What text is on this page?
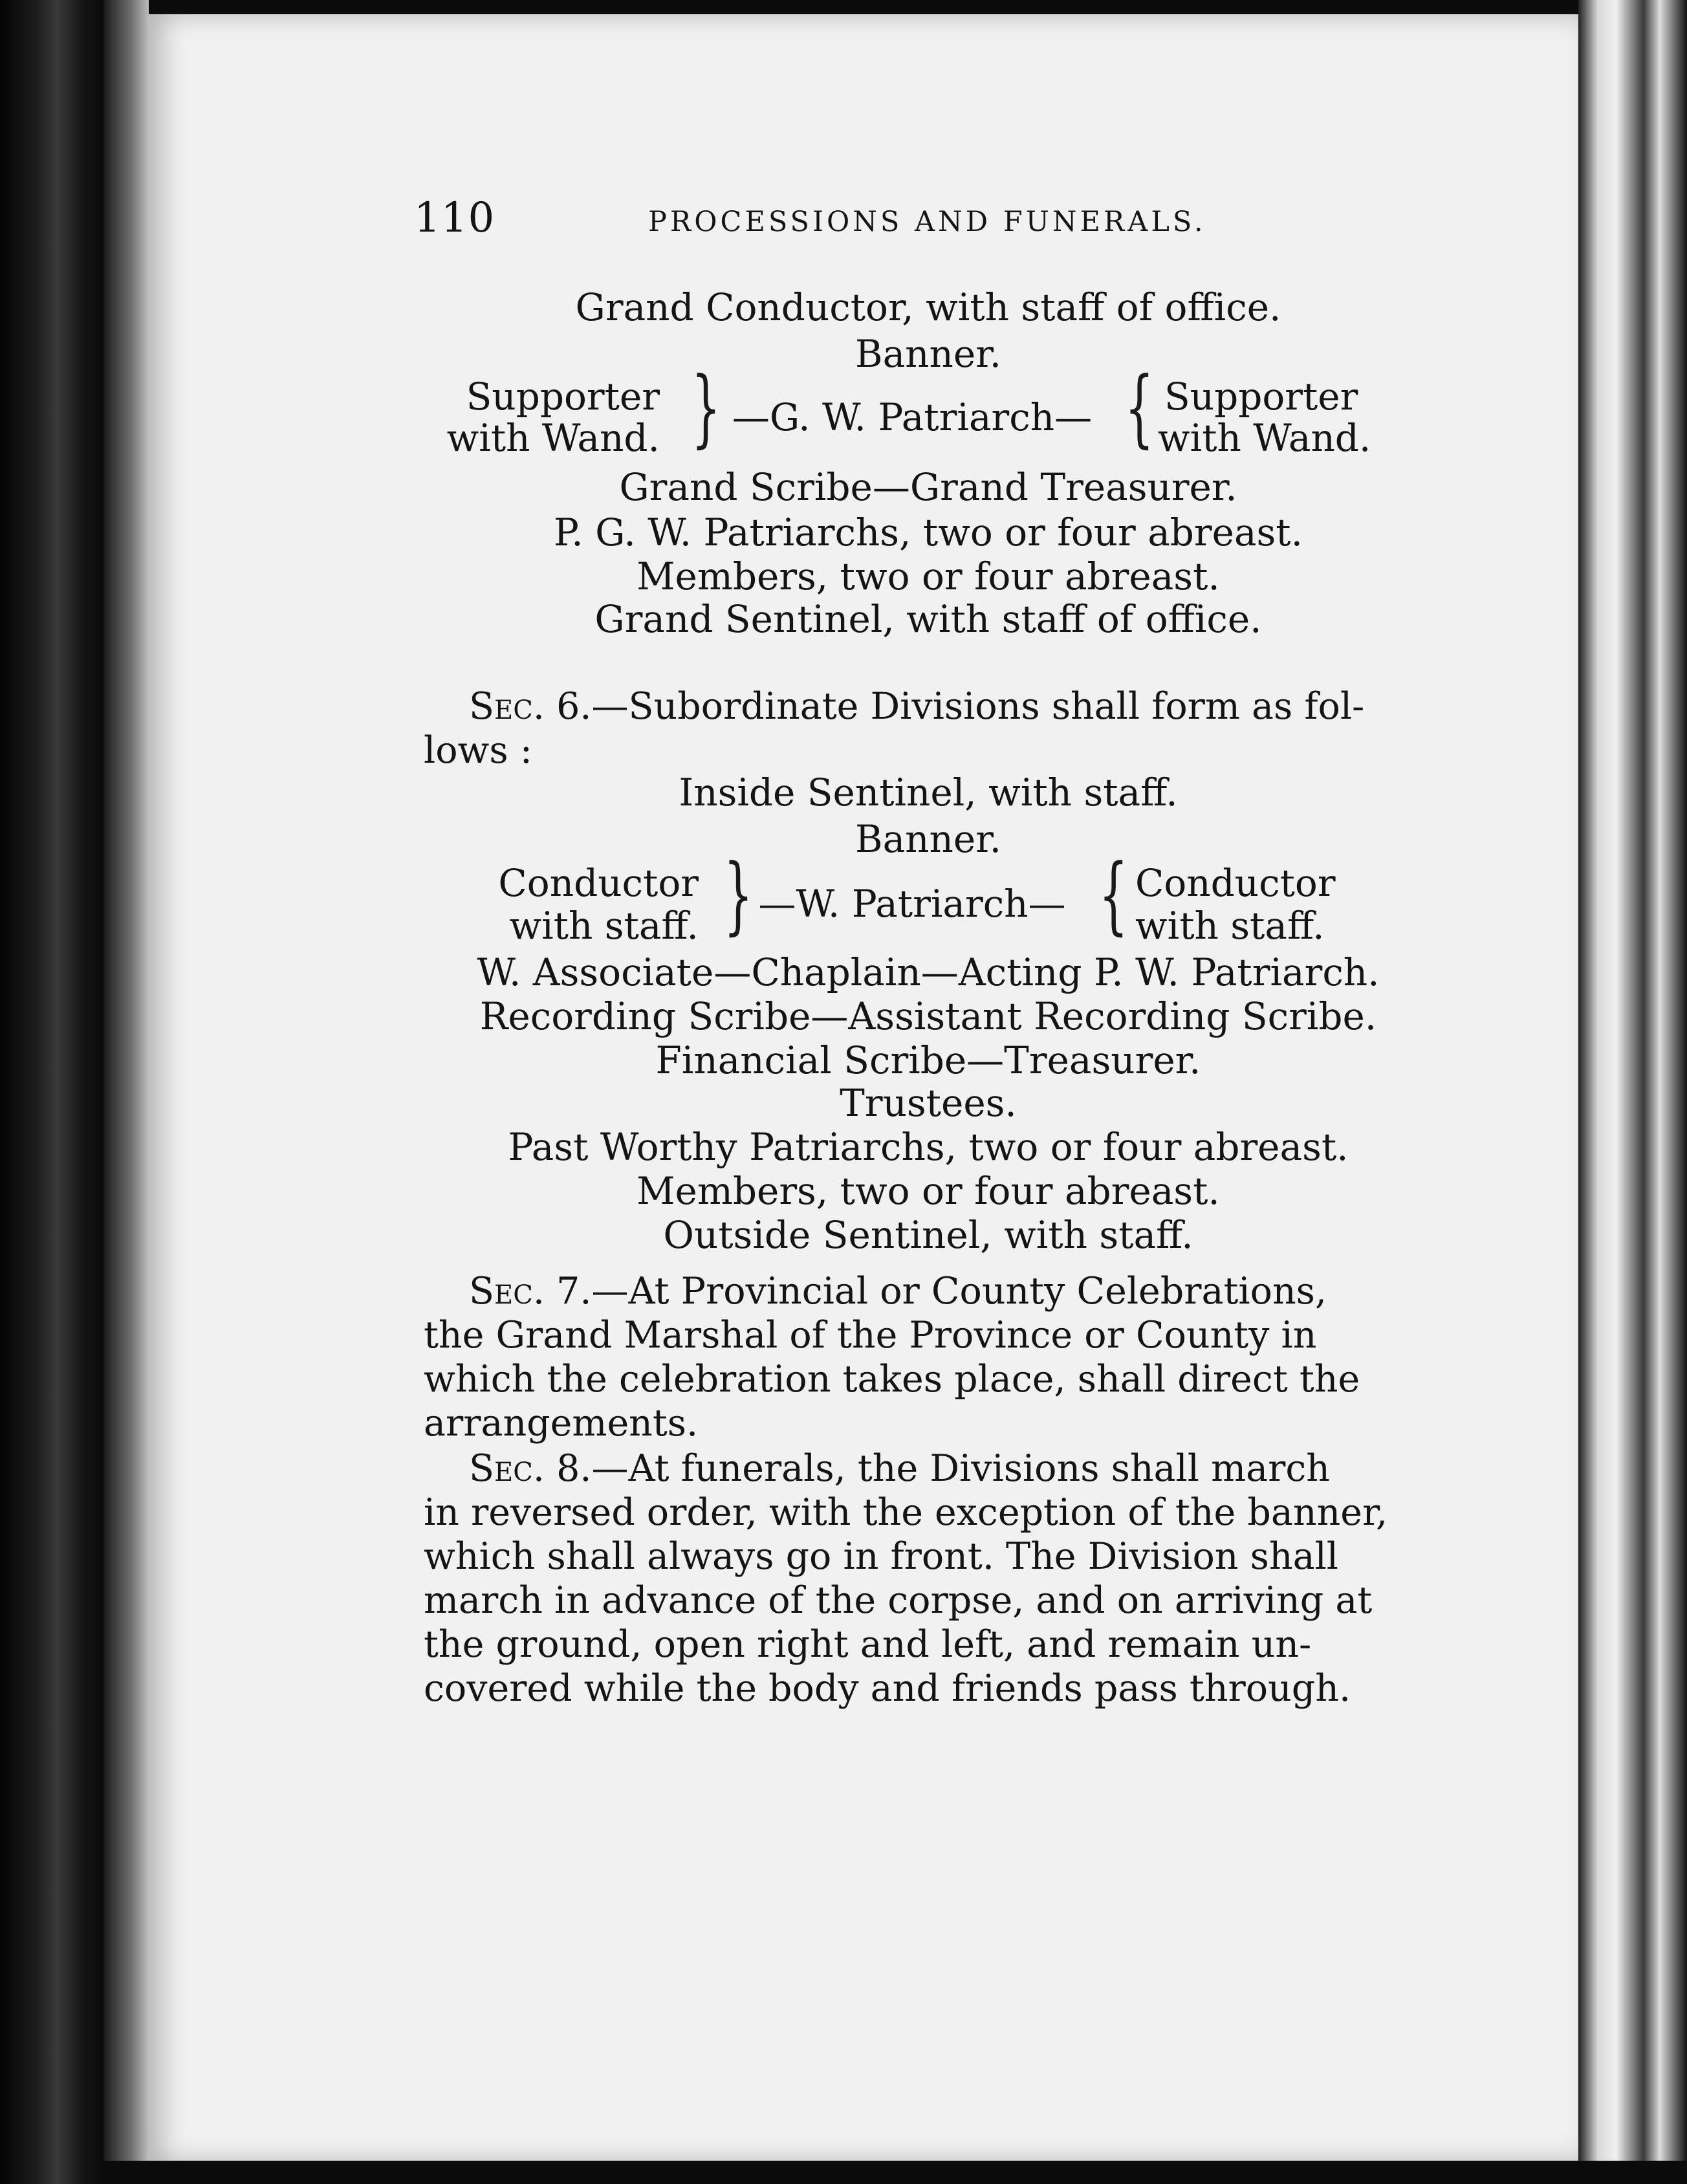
110	PROCESSIONS AND FUNERALS.
Grand Conductor, with staff of office.
Banner.
Supporter
with Wand. } —G. W. Patriarch— { Supporter
with Wand.
Grand Scribe—Grand Treasurer.
P. G. W. Patriarchs, two or four abreast.
Members, two or four abreast.
Grand Sentinel, with staff of office.
Sec. 6.—Subordinate Divisions shall form as fol-
lows :
Inside Sentinel, with staff.
Banner.
Conductor
with staff. } —W. Patriarch— { Conductor
with staff.
W. Associate—Chaplain—Acting P. W. Patriarch.
Recording Scribe—Assistant Recording Scribe.
Financial Scribe—Treasurer.
Trustees.
Past Worthy Patriarchs, two or four abreast.
Members, two or four abreast.
Outside Sentinel, with staff.
Sec. 7.—At Provincial or County Celebrations,
the Grand Marshal of the Province or County in
which the celebration takes place, shall direct the
arrangements.
Sec. 8.—At funerals, the Divisions shall march
in reversed order, with the exception of the banner,
which shall always go in front. The Division shall
march in advance of the corpse, and on arriving at
the ground, open right and left, and remain un-
covered while the body and friends pass through.
